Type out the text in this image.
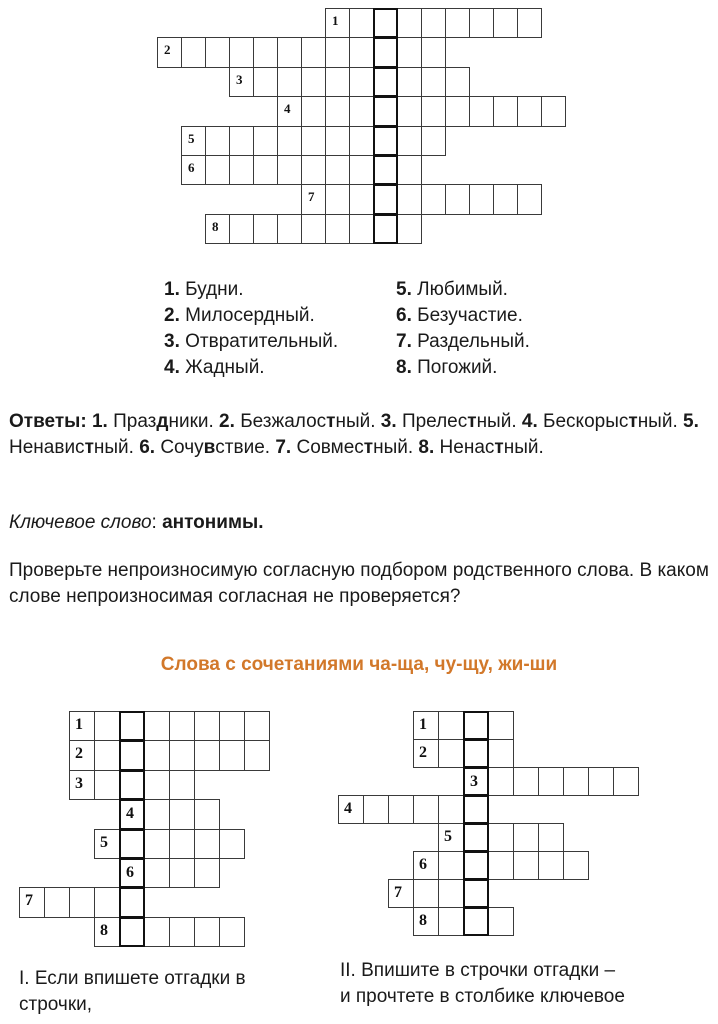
1
2
3
4
5
6
7
8
1. Будни.
2. Милосердный.
3. Отвратительный.
4. Жадный.
5. Любимый.
6. Безучастие.
7. Раздельный.
8. Погожий.
Ответы: 1. Праздники. 2. Безжалостный. 3. Прелестный. 4. Бескорыстный. 5. Ненавистный. 6. Сочувствие. 7. Совместный. 8. Ненастный.
Ключевое слово: антонимы.
Проверьте непроизносимую согласную подбором родственного слова. В каком слове непроизносимая согласная не проверяется?
Слова с сочетаниями ча-ща, чу-щу, жи-ши
1
2
3
4
5
6
7
8
1
2
3
4
5
6
7
8
I. Если впишете отгадки в строчки,
II. Впишите в строчки отгадки –
и прочтете в столбике ключевое
